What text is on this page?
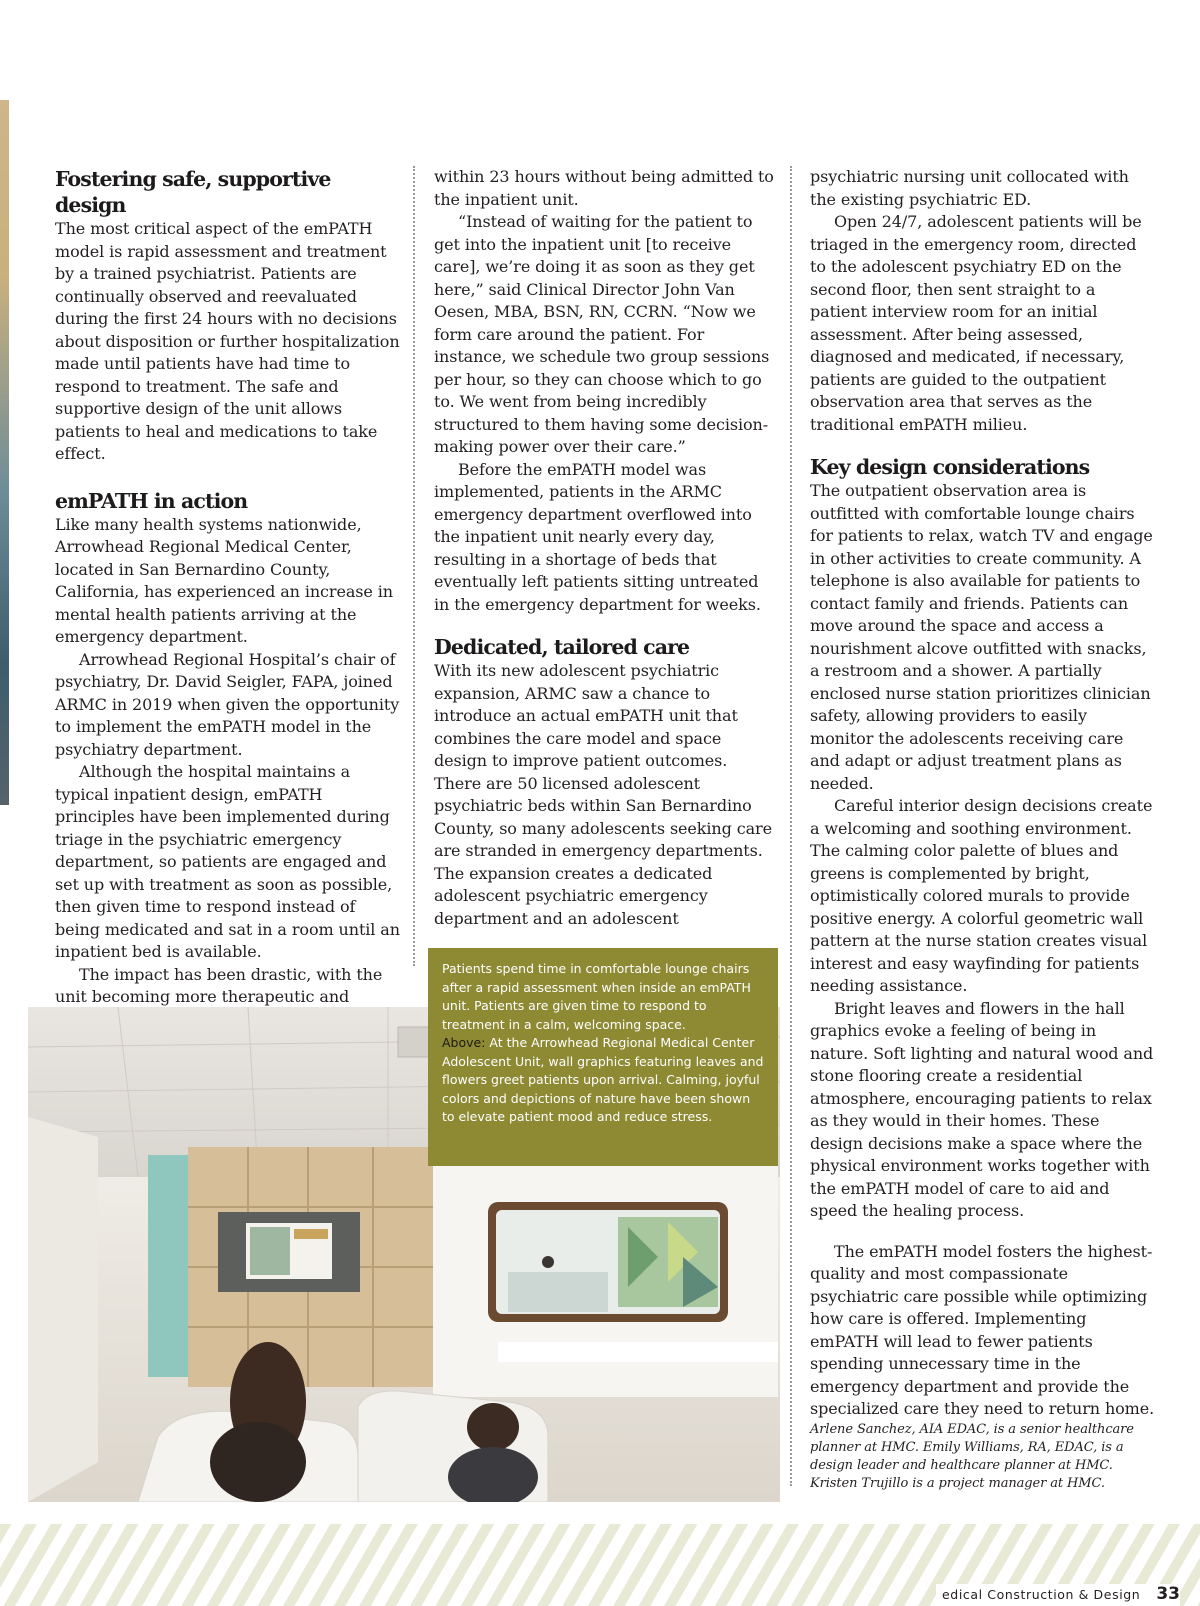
Fostering safe, supportive design

The most critical aspect of the emPATH model is rapid assessment and treatment by a trained psychiatrist. Patients are continually observed and reevaluated during the first 24 hours with no decisions about disposition or further hospitalization made until patients have had time to respond to treatment. The safe and supportive design of the unit allows patients to heal and medications to take effect.

emPATH in action

Like many health systems nationwide, Arrowhead Regional Medical Center, located in San Bernardino County, California, has experienced an increase in mental health patients arriving at the emergency department.

Arrowhead Regional Hospital’s chair of psychiatry, Dr. David Seigler, FAPA, joined ARMC in 2019 when given the opportunity to implement the emPATH model in the psychiatry department.

Although the hospital maintains a typical inpatient design, emPATH principles have been implemented during triage in the psychiatric emergency department, so patients are engaged and set up with treatment as soon as possible, then given time to respond instead of being medicated and sat in a room until an inpatient bed is available.

The impact has been drastic, with the unit becoming more therapeutic and

within 23 hours without being admitted to the inpatient unit.

“Instead of waiting for the patient to get into the inpatient unit [to receive care], we’re doing it as soon as they get here,” said Clinical Director John Van Oesen, MBA, BSN, RN, CCRN. “Now we form care around the patient. For instance, we schedule two group sessions per hour, so they can choose which to go to. We went from being incredibly structured to them having some decision-making power over their care.”

Before the emPATH model was implemented, patients in the ARMC emergency department overflowed into the inpatient unit nearly every day, resulting in a shortage of beds that eventually left patients sitting untreated in the emergency department for weeks.

Dedicated, tailored care

With its new adolescent psychiatric expansion, ARMC saw a chance to introduce an actual emPATH unit that combines the care model and space design to improve patient outcomes. There are 50 licensed adolescent psychiatric beds within San Bernardino County, so many adolescents seeking care are stranded in emergency departments. The expansion creates a dedicated adolescent psychiatric emergency department and an adolescent

psychiatric nursing unit collocated with the existing psychiatric ED.

Open 24/7, adolescent patients will be triaged in the emergency room, directed to the adolescent psychiatry ED on the second floor, then sent straight to a patient interview room for an initial assessment. After being assessed, diagnosed and medicated, if necessary, patients are guided to the outpatient observation area that serves as the traditional emPATH milieu.

Key design considerations

The outpatient observation area is outfitted with comfortable lounge chairs for patients to relax, watch TV and engage in other activities to create community. A telephone is also available for patients to contact family and friends. Patients can move around the space and access a nourishment alcove outfitted with snacks, a restroom and a shower. A partially enclosed nurse station prioritizes clinician safety, allowing providers to easily monitor the adolescents receiving care and adapt or adjust treatment plans as needed.

Careful interior design decisions create a welcoming and soothing environment. The calming color palette of blues and greens is complemented by bright, optimistically colored murals to provide positive energy. A colorful geometric wall pattern at the nurse station creates visual interest and easy wayfinding for patients needing assistance.

Bright leaves and flowers in the hall graphics evoke a feeling of being in nature. Soft lighting and natural wood and stone flooring create a residential atmosphere, encouraging patients to relax as they would in their homes. These design decisions make a space where the physical environment works together with the emPATH model of care to aid and speed the healing process.

The emPATH model fosters the highest-quality and most compassionate psychiatric care possible while optimizing how care is offered. Implementing emPATH will lead to fewer patients spending unnecessary time in the emergency department and provide the specialized care they need to return home.

Arlene Sanchez, AIA EDAC, is a senior healthcare planner at HMC. Emily Williams, RA, EDAC, is a design leader and healthcare planner at HMC. Kristen Trujillo is a project manager at HMC.

Patients spend time in comfortable lounge chairs after a rapid assessment when inside an emPATH unit. Patients are given time to respond to treatment in a calm, welcoming space.
Above: At the Arrowhead Regional Medical Center Adolescent Unit, wall graphics featuring leaves and flowers greet patients upon arrival. Calming, joyful colors and depictions of nature have been shown to elevate patient mood and reduce stress.
edical Construction & Design 33
